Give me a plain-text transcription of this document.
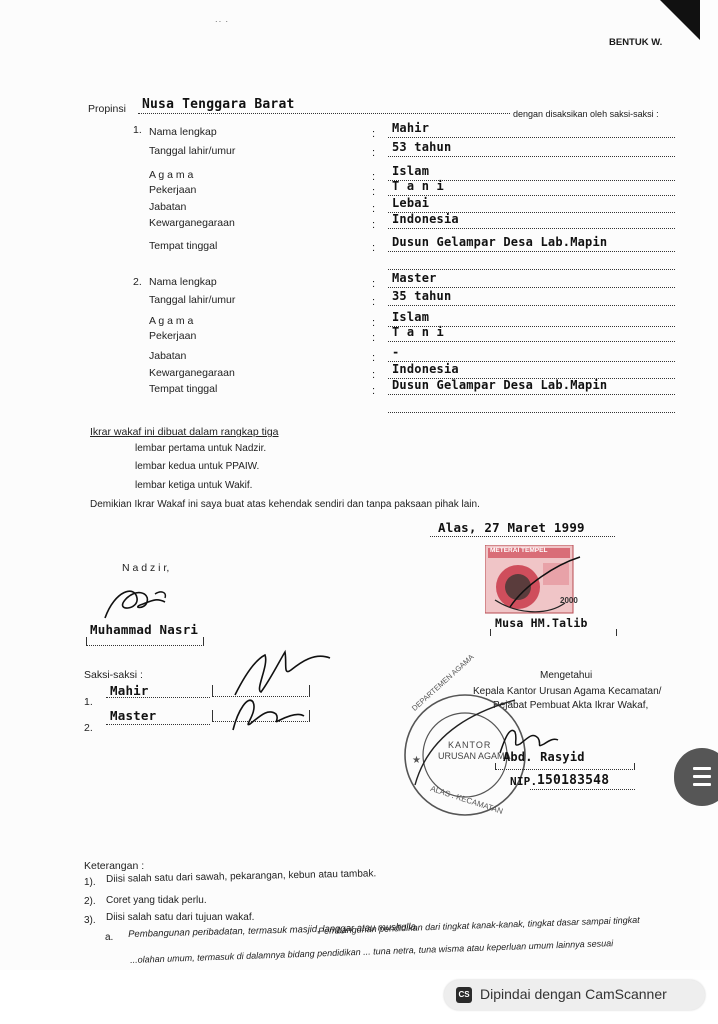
˙˙ ˙
BENTUK W.
Propinsi Nusa Tenggara Barat
dengan disaksikan oleh saksi-saksi :
1. Nama lengkap	: Mahir
Tanggal lahir/umur	: 53 tahun
A g a m a	: Islam
Pekerjaan	: T a n i
Jabatan	: Lebai
Kewarganegaraan	: Indonesia
Tempat tinggal	: Dusun Gelampar Desa Lab.Mapin
2. Nama lengkap	: Master
Tanggal lahir/umur	: 35 tahun
A g a m a	: Islam
Pekerjaan	: T a n i
Jabatan	: -
Kewarganegaraan	: Indonesia
Tempat tinggal	: Dusun Gelampar Desa Lab.Mapin
Ikrar wakaf ini dibuat dalam rangkap tiga
lembar pertama untuk Nadzir.
lembar kedua untuk PPAIW.
lembar ketiga untuk Wakif.
Demikian Ikrar Wakaf ini saya buat atas kehendak sendiri dan tanpa paksaan pihak lain.
Alas, 27 Maret 1999
N a d z i r,
Muhammad Nasri
METERAI TEMPEL
2000
Musa HM.Talib
Saksi-saksi :
1.
Mahir
2.
Master
Mengetahui
Kepala Kantor Urusan Agama Kecamatan/
Pejabat Pembuat Akta Ikrar Wakaf,
DEPARTEMEN AGAMA
KANTOR
URUSAN AGAMA
ALAS . KECAMATAN
★	Abd. Rasyid
NIP. 150183548
Keterangan :
1). Diisi salah satu dari sawah, pekarangan, kebun atau tambak.
2). Coret yang tidak perlu.
3). Diisi salah satu dari tujuan wakaf.
a. Pembangunan peribadatan, termasuk masjid, langgar atau musholla.
Pembangunan pendidikan dari tingkat kanak-kanak, tingkat dasar sampai tingkat
...olahan umum, termasuk di dalamnya bidang pendidikan ... tuna netra, tuna wisma atau keperluan umum lainnya sesuai
CS Dipindai dengan CamScanner
